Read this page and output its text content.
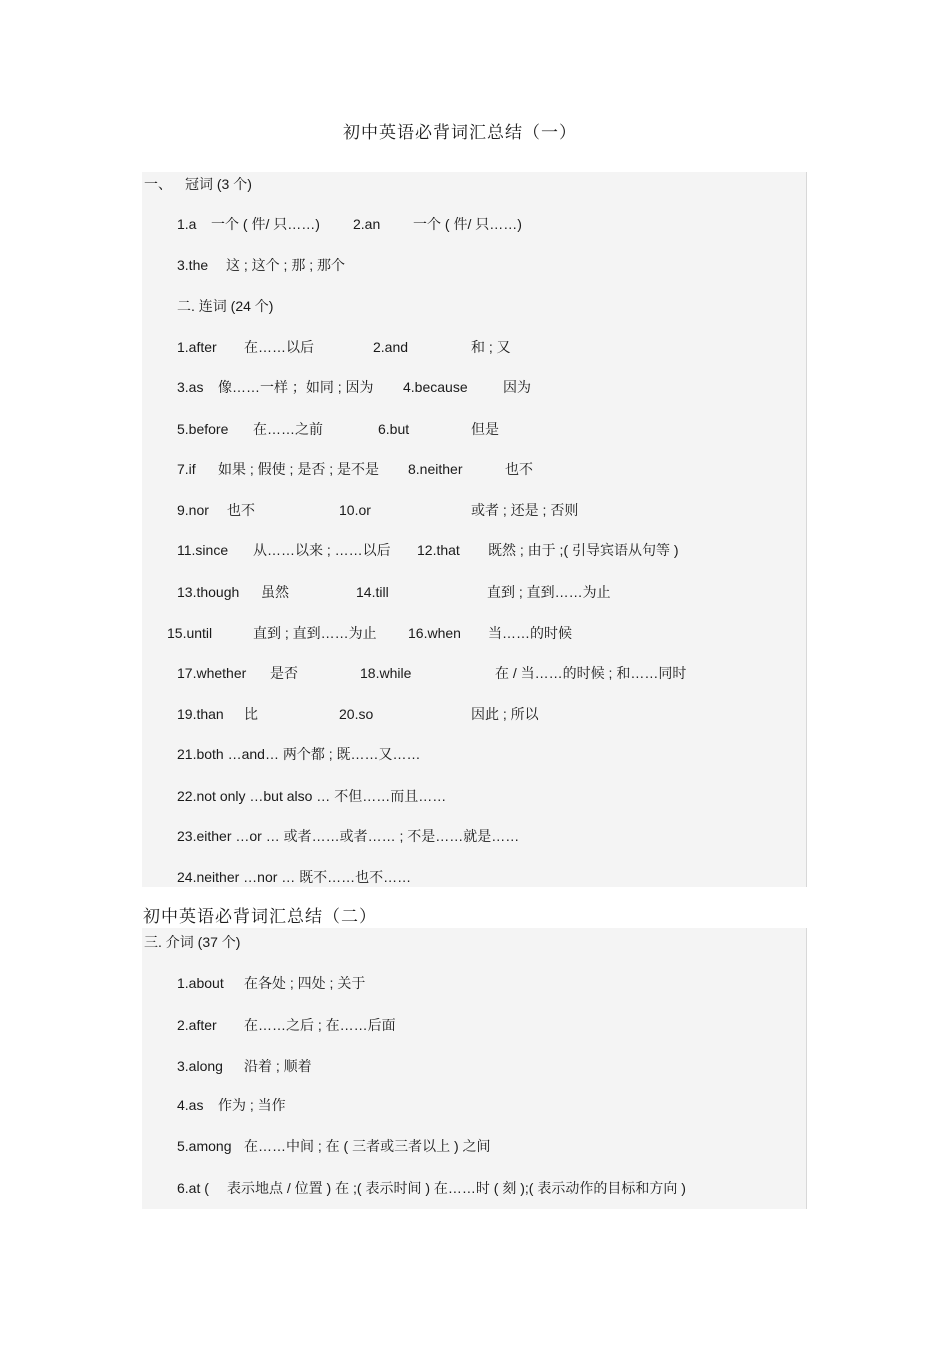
初中英语必背词汇总结（一）
一、 冠词 (3 个)
1.a 一个 ( 件/ 只……) 2.an 一个 ( 件/ 只……)
3.the 这 ; 这个 ; 那 ; 那个
二. 连词 (24 个)
1.after 在……以后	2.and	和 ; 又
3.as 像……一样 ；如同 ; 因为 4.because	因为
5.before 在……之前	6.but	但是
7.if 如果 ; 假使 ; 是否 ; 是不是 8.neither	也不
9.nor 也不	10.or	或者 ; 还是 ; 否则
11.since 从……以来 ; ……以后 12.that 既然 ; 由于 ;( 引导宾语从句等 )
13.though 虽然	14.till	直到 ; 直到……为止
15.until	直到 ; 直到……为止 16.when 当……的时候
17.whether 是否	18.while	在 / 当……的时候 ; 和……同时
19.than 比	20.so	因此 ; 所以
21.both …and… 两个都 ; 既……又……
22.not only …but also … 不但……而且……
23.either …or … 或者……或者…… ; 不是……就是……
24.neither …nor … 既不……也不……
初中英语必背词汇总结（二）
三. 介词 (37 个)
1.about 在各处 ; 四处 ; 关于
2.after 在……之后 ; 在……后面
3.along 沿着 ; 顺着
4.as 作为 ; 当作
5.among 在……中间 ; 在 ( 三者或三者以上 ) 之间
6.at ( 表示地点 / 位置 ) 在 ;( 表示时间 ) 在……时 ( 刻 );( 表示动作的目标和方向 )
